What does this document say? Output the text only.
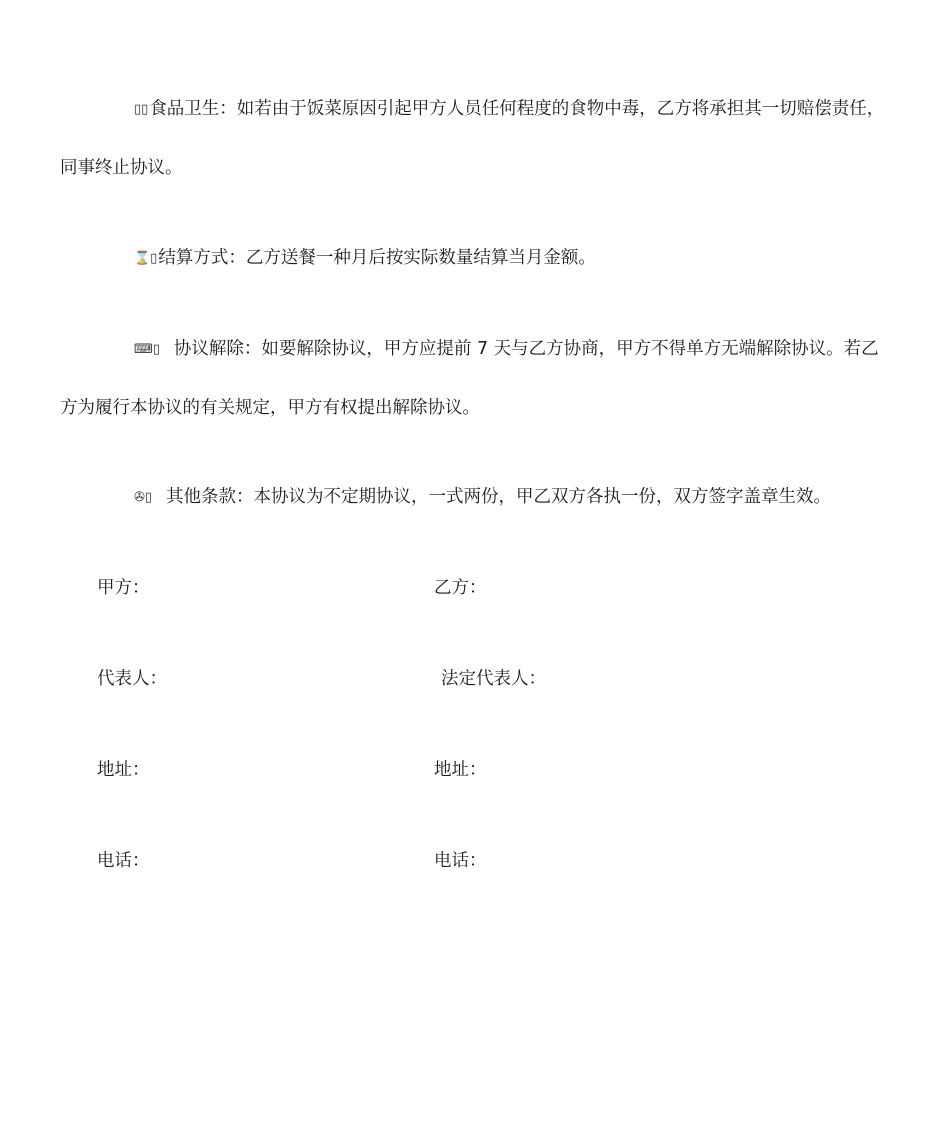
▯▯食品卫生：如若由于饭菜原因引起甲方人员任何程度的食物中毒，乙方将承担其一切赔偿责任，同事终止协议。

⌛▯结算方式：乙方送餐一种月后按实际数量结算当月金额。

⌨▯ 协议解除：如要解除协议，甲方应提前 7 天与乙方协商，甲方不得单方无端解除协议。若乙方为履行本协议的有关规定，甲方有权提出解除协议。

✇▯ 其他条款：本协议为不定期协议，一式两份，甲乙双方各执一份，双方签字盖章生效。

甲方：	乙方：
代表人：	法定代表人：
地址：	地址：
电话：	电话：
